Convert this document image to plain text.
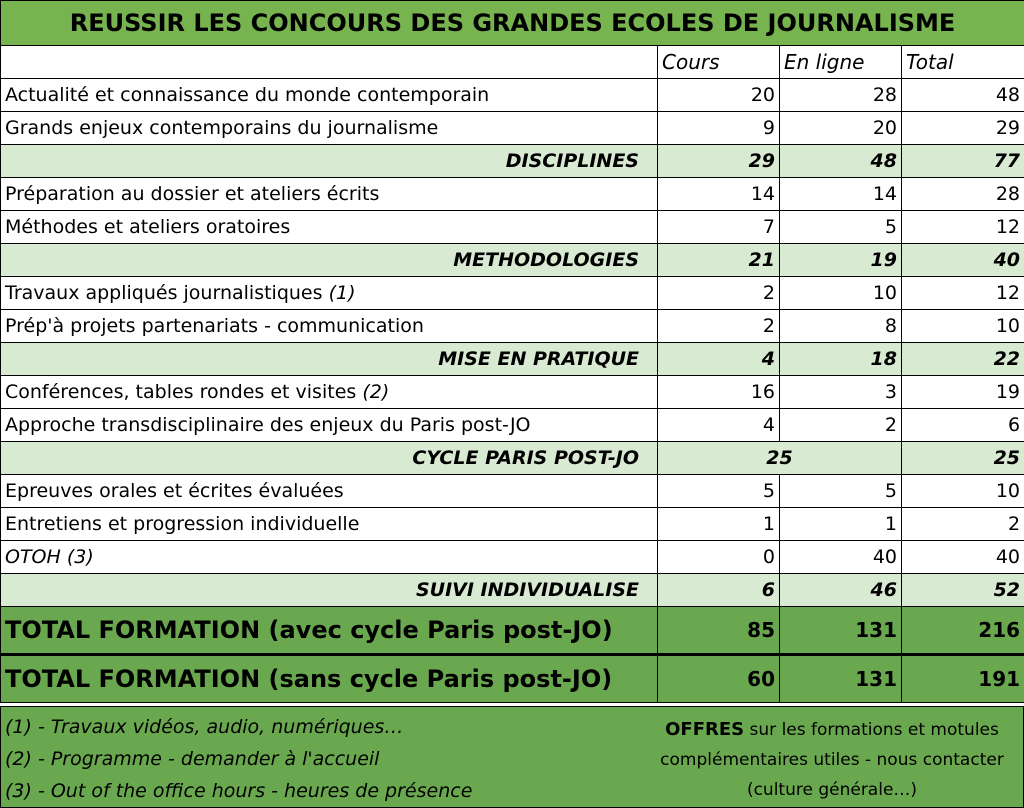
REUSSIR LES CONCOURS DES GRANDES ECOLES DE JOURNALISME			
	Cours	En ligne	Total
Actualité et connaissance du monde contemporain	20	28	48
Grands enjeux contemporains du journalisme	9	20	29
DISCIPLINES	29	48	77
Préparation au dossier et ateliers écrits	14	14	28
Méthodes et ateliers oratoires	7	5	12
METHODOLOGIES	21	19	40
Travaux appliqués journalistiques (1)	2	10	12
Prép'à projets partenariats - communication	2	8	10
MISE EN PRATIQUE	4	18	22
Conférences, tables rondes et visites (2)	16	3	19
Approche transdisciplinaire des enjeux du Paris post-JO	4	2	6
CYCLE PARIS POST-JO	25		25
Epreuves orales et écrites évaluées	5	5	10
Entretiens et progression individuelle	1	1	2
OTOH (3)	0	40	40
SUIVI INDIVIDUALISE	6	46	52
TOTAL FORMATION (avec cycle Paris post-JO)	85	131	216
TOTAL FORMATION (sans cycle Paris post-JO)	60	131	191
(1) - Travaux vidéos, audio, numériques…
(2) - Programme - demander à l'accueil
(3) - Out of the office hours - heures de présence
OFFRES sur les formations et motules
complémentaires utiles - nous contacter
(culture générale…)
